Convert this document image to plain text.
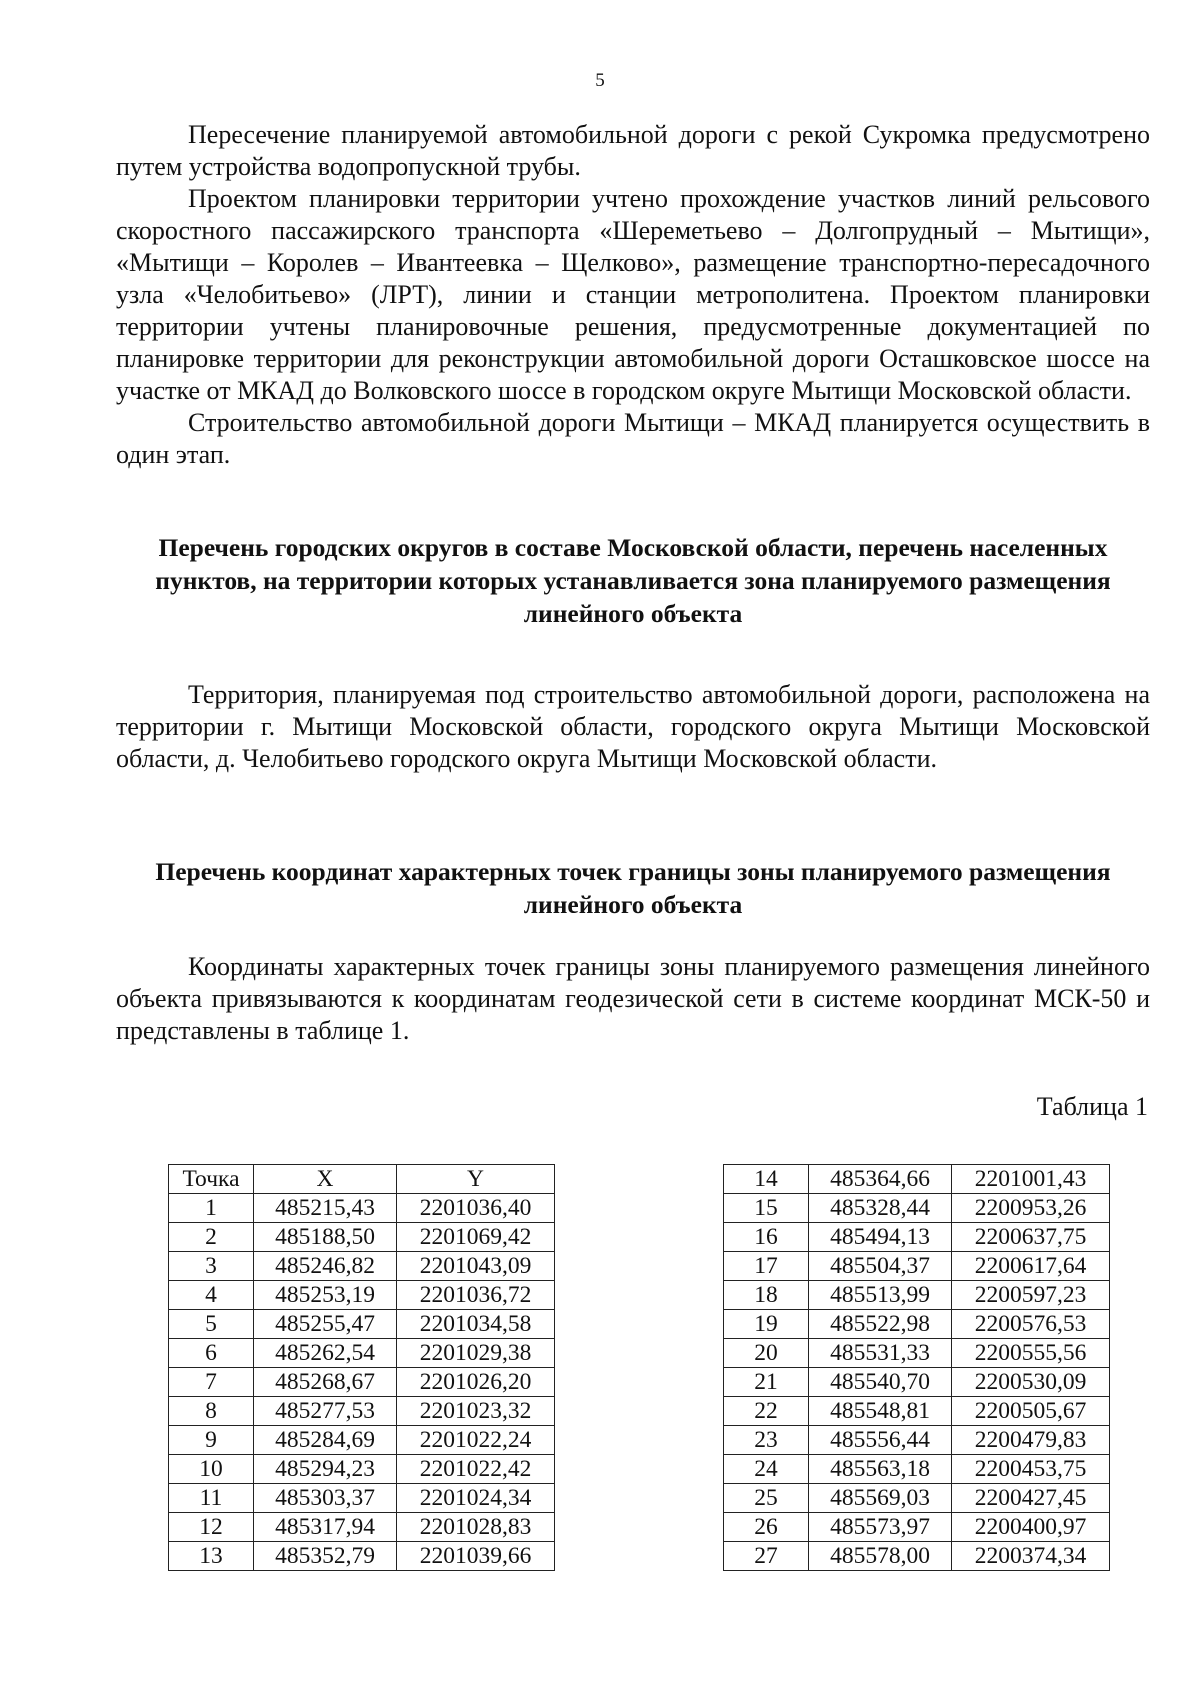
5

Пересечение планируемой автомобильной дороги с рекой Сукромка предусмотрено путем устройства водопропускной трубы.

Проектом планировки территории учтено прохождение участков линий рельсового скоростного пассажирского транспорта «Шереметьево – Долгопрудный – Мытищи», «Мытищи – Королев – Ивантеевка – Щелково», размещение транспортно-пересадочного узла «Челобитьево» (ЛРТ), линии и станции метрополитена. Проектом планировки территории учтены планировочные решения, предусмотренные документацией по планировке территории для реконструкции автомобильной дороги Осташковское шоссе на участке от МКАД до Волковского шоссе в городском округе Мытищи Московской области.

Строительство автомобильной дороги Мытищи – МКАД планируется осуществить в один этап.

Перечень городских округов в составе Московской области, перечень населенных пунктов, на территории которых устанавливается зона планируемого размещения линейного объекта

Территория, планируемая под строительство автомобильной дороги, расположена на территории г. Мытищи Московской области, городского округа Мытищи Московской области, д. Челобитьево городского округа Мытищи Московской области.

Перечень координат характерных точек границы зоны планируемого размещения линейного объекта

Координаты характерных точек границы зоны планируемого размещения линейного объекта привязываются к координатам геодезической сети в системе координат МСК-50 и представлены в таблице 1.

Таблица 1
Точка	X	Y
1	485215,43	2201036,40
2	485188,50	2201069,42
3	485246,82	2201043,09
4	485253,19	2201036,72
5	485255,47	2201034,58
6	485262,54	2201029,38
7	485268,67	2201026,20
8	485277,53	2201023,32
9	485284,69	2201022,24
10	485294,23	2201022,42
11	485303,37	2201024,34
12	485317,94	2201028,83
13	485352,79	2201039,66
14	485364,66	2201001,43
15	485328,44	2200953,26
16	485494,13	2200637,75
17	485504,37	2200617,64
18	485513,99	2200597,23
19	485522,98	2200576,53
20	485531,33	2200555,56
21	485540,70	2200530,09
22	485548,81	2200505,67
23	485556,44	2200479,83
24	485563,18	2200453,75
25	485569,03	2200427,45
26	485573,97	2200400,97
27	485578,00	2200374,34
